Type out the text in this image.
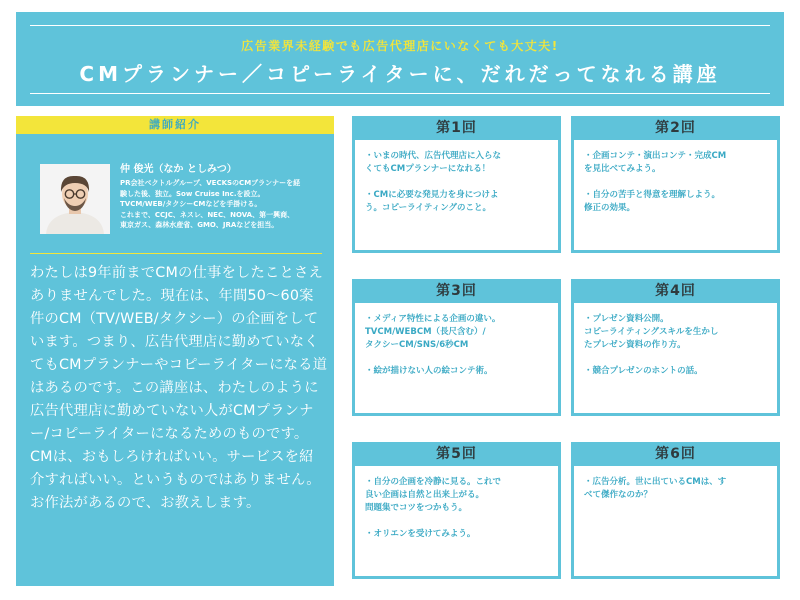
広告業界未経験でも広告代理店にいなくても大丈夫!
CMプランナー／コピーライターに、だれだってなれる講座
講師紹介
仲 俊光（なか としみつ）
PR会社ベクトルグループ、VECKSのCMプランナーを経
験した後、独立。Sow Cruise Inc.を設立。
TVCM/WEB/タクシーCMなどを手掛ける。
これまで、CCJC、ネスレ、NEC、NOVA、第一興商、
東京ガス、森林水産省、GMO、JRAなどを担当。
わたしは9年前までCMの仕事をしたことさえありませんでした。現在は、年間50〜60案件のCM（TV/WEB/タクシー）の企画をしています。つまり、広告代理店に勤めていなくてもCMプランナーやコピーライターになる道はあるのです。この講座は、わたしのように広告代理店に勤めていない人がCMプランナー/コピーライターになるためのものです。CMは、おもしろければいい。サービスを紹介すればいい。というものではありません。お作法があるので、お教えします。
第1回
・いまの時代、広告代理店に入らな
くてもCMプランナーになれる！
・CMに必要な発見力を身につけよ
う。コピーライティングのこと。
第2回
・企画コンテ・演出コンテ・完成CM
を見比べてみよう。
・自分の苦手と得意を理解しよう。
修正の効果。
第3回
・メディア特性による企画の違い。
TVCM/WEBCM（長尺含む）/
タクシーCM/SNS/6秒CM
・絵が描けない人の絵コンテ術。
第4回
・プレゼン資料公開。
コピーライティングスキルを生かし
たプレゼン資料の作り方。
・競合プレゼンのホントの話。
第5回
・自分の企画を冷静に見る。これで
良い企画は自然と出来上がる。
問題集でコツをつかもう。
・オリエンを受けてみよう。
第6回
・広告分析。世に出ているCMは、す
べて傑作なのか？
